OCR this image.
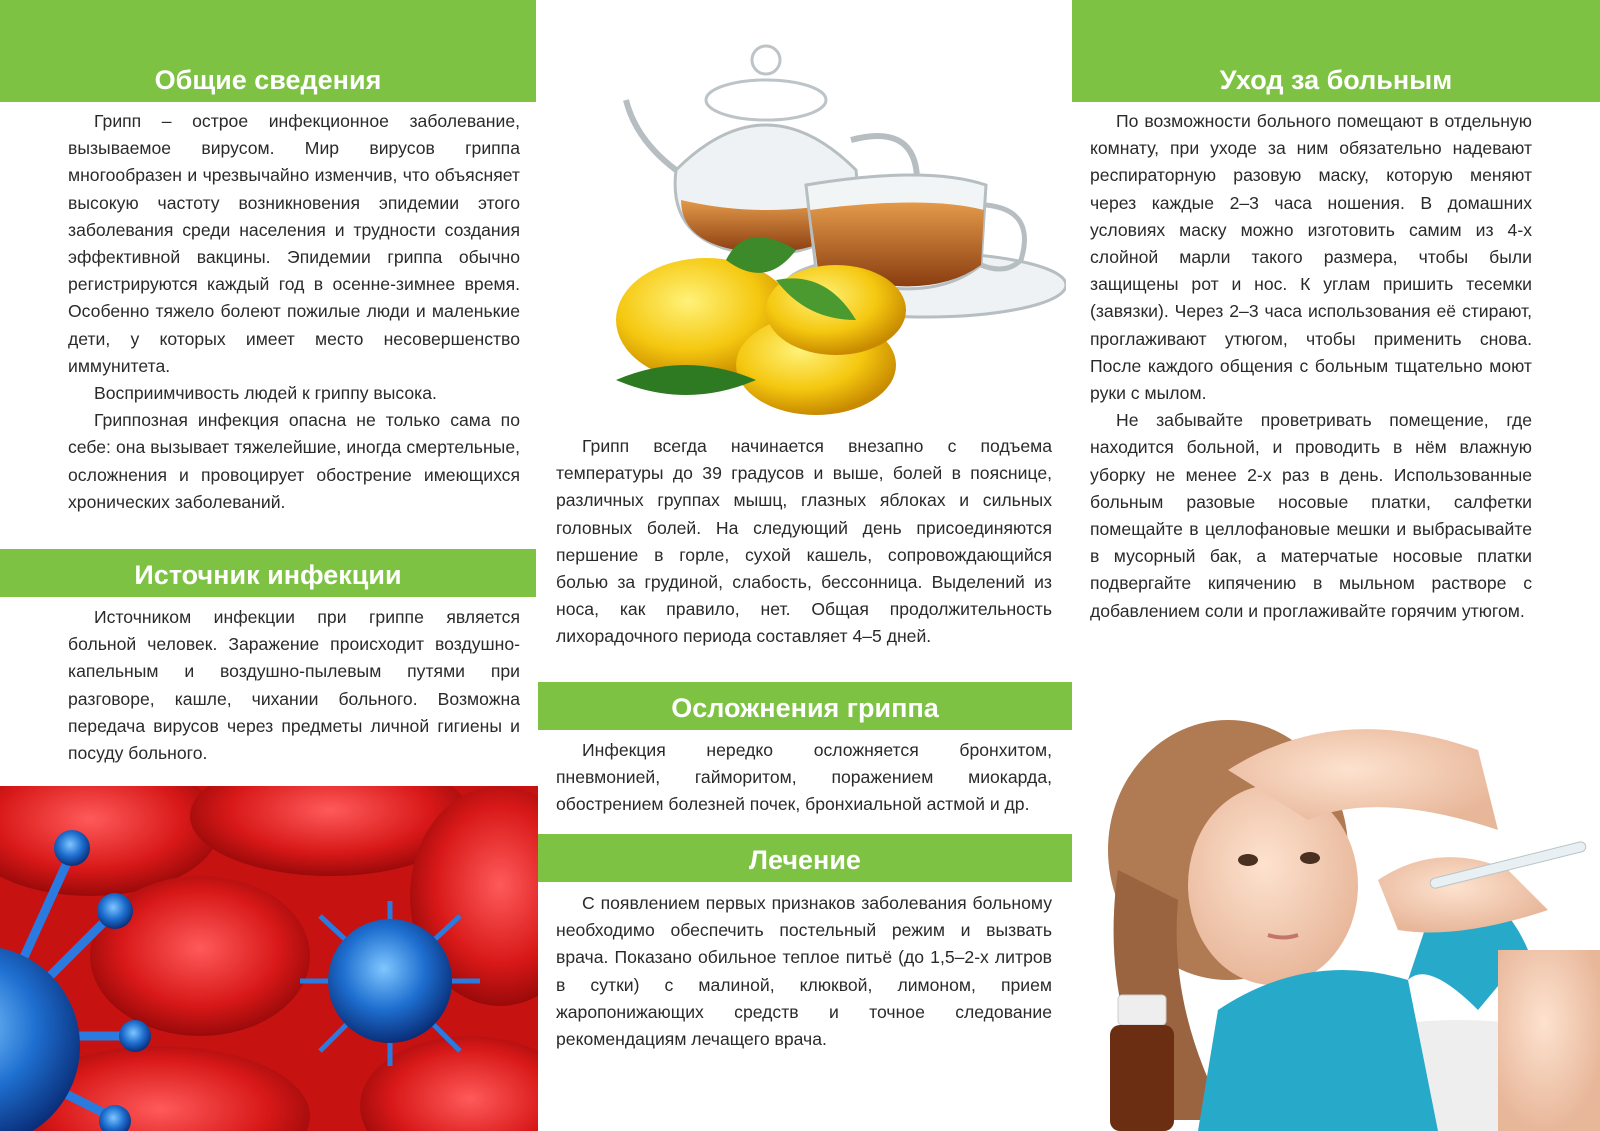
Общие сведения

Грипп – острое инфекционное заболевание, вызываемое вирусом. Мир вирусов гриппа многообразен и чрезвычайно изменчив, что объясняет высокую частоту возникновения эпидемии этого заболевания среди населения и трудности создания эффективной вакцины. Эпидемии гриппа обычно регистрируются каждый год в осенне-зимнее время. Особенно тяжело болеют пожилые люди и маленькие дети, у которых имеет место несовершенство иммунитета.

Восприимчивость людей к гриппу высока.

Гриппозная инфекция опасна не только сама по себе: она вызывает тяжелейшие, иногда смертельные, осложнения и провоцирует обострение имеющихся хронических заболеваний.

Источник инфекции

Источником инфекции при гриппе является больной человек. Заражение происходит воздушно-капельным и воздушно-пылевым путями при разговоре, кашле, чихании больного. Возможна передача вирусов через предметы личной гигиены и посуду больного.

Грипп всегда начинается внезапно с подъема температуры до 39 градусов и выше, болей в пояснице, различных группах мышц, глазных яблоках и сильных головных болей. На следующий день присоединяются першение в горле, сухой кашель, сопровождающийся болью за грудиной, слабость, бессонница. Выделений из носа, как правило, нет. Общая продолжительность лихорадочного периода составляет 4–5 дней.

Осложнения гриппа

Инфекция нередко осложняется бронхитом, пневмонией, гайморитом, поражением миокарда, обострением болезней почек, бронхиальной астмой и др.

Лечение

С появлением первых признаков заболевания больному необходимо обеспечить постельный режим и вызвать врача. Показано обильное теплое питьё (до 1,5–2-х литров в сутки) с малиной, клюквой, лимоном, прием жаропонижающих средств и точное следование рекомендациям лечащего врача.

Уход за больным

По возможности больного помещают в отдельную комнату, при уходе за ним обязательно надевают респираторную разовую маску, которую меняют через каждые 2–3 часа ношения. В домашних условиях маску можно изготовить самим из 4-х слойной марли такого размера, чтобы были защищены рот и нос. К углам пришить тесемки (завязки). Через 2–3 часа использования её стирают, проглаживают утюгом, чтобы применить снова. После каждого общения с больным тщательно моют руки с мылом.

Не забывайте проветривать помещение, где находится больной, и проводить в нём влажную уборку не менее 2-х раз в день. Использованные больным разовые носовые платки, салфетки помещайте в целлофановые мешки и выбрасывайте в мусорный бак, а матерчатые носовые платки подвергайте кипячению в мыльном растворе с добавлением соли и проглаживайте горячим утюгом.
